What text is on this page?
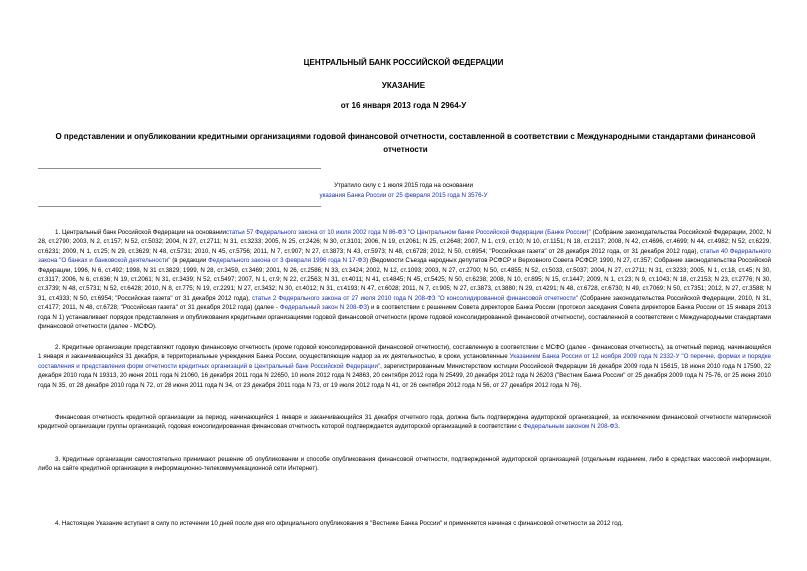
ЦЕНТРАЛЬНЫЙ БАНК РОССИЙСКОЙ ФЕДЕРАЦИИ
УКАЗАНИЕ
от 16 января 2013 года N 2964-У
О представлении и опубликовании кредитными организациями годовой финансовой отчетности, составленной в соответствии с Международными стандартами финансовой отчетности
Утратило силу с 1 июля 2015 года на основании
указания Банка России от 25 февраля 2015 года N 3576-У

1. Центральный банк Российской Федерации на основаниистатьи 57 Федерального закона от 10 июля 2002 года N 86-ФЗ "О Центральном банке Российской Федерации (Банке России)" (Собрание законодательства Российской Федерации, 2002, N 28, ст.2790; 2003, N 2, ст.157; N 52, ст.5032; 2004, N 27, ст.2711; N 31, ст.3233; 2005, N 25, ст.2426; N 30, ст.3101; 2006, N 19, ст.2061; N 25, ст.2648; 2007, N 1, ст.9, ст.10; N 10, ст.1151; N 18, ст.2117; 2008, N 42, ст.4696, ст.4699; N 44, ст.4982; N 52, ст.6229, ст.6231; 2009, N 1, ст.25; N 29, ст.3629; N 48, ст.5731; 2010, N 45, ст.5756; 2011, N 7, ст.907; N 27, ст.3873; N 43, ст.5973; N 48, ст.6728; 2012, N 50, ст.6954; "Российская газета" от 28 декабря 2012 года, от 31 декабря 2012 года), статьи 40 Федерального закона "О банках и банковской деятельности" (в редакции Федерального закона от 3 февраля 1996 года N 17-ФЗ) (Ведомости Съезда народных депутатов РСФСР и Верховного Совета РСФСР, 1990, N 27, ст.357; Собрание законодательства Российской Федерации, 1996, N 6, ст.492; 1998, N 31 ст.3829; 1999, N 28, ст.3459, ст.3469; 2001, N 26, ст.2586; N 33, ст.3424; 2002, N 12, ст.1093; 2003, N 27, ст.2700; N 50, ст.4855; N 52, ст.5033, ст.5037; 2004, N 27, ст.2711; N 31, ст.3233; 2005, N 1, ст.18, ст.45; N 30, ст.3117; 2006, N 6, ст.636; N 19, ст.2061; N 31, ст.3439; N 52, ст.5497; 2007, N 1, ст.9; N 22, ст.2563; N 31, ст.4011; N 41, ст.4845; N 45, ст.5425; N 50, ст.6238; 2008, N 10, ст.895; N 15, ст.1447; 2009, N 1, ст.23; N 9, ст.1043; N 18, ст.2153; N 23, ст.2776; N 30, ст.3739; N 48, ст.5731; N 52, ст.6428; 2010, N 8, ст.775; N 19, ст.2291; N 27, ст.3432; N 30, ст.4012; N 31, ст.4193; N 47, ст.6028; 2011, N 7, ст.905; N 27, ст.3873, ст.3880; N 29, ст.4291; N 48, ст.6728, ст.6730; N 49, ст.7069; N 50, ст.7351; 2012, N 27, ст.3588; N 31, ст.4333; N 50, ст.6954; "Российская газета" от 31 декабря 2012 года), статьи 2 Федерального закона от 27 июля 2010 года N 208-ФЗ "О консолидированной финансовой отчетности" (Собрание законодательства Российской Федерации, 2010, N 31, ст.4177; 2011, N 48, ст.6728; "Российская газета" от 31 декабря 2012 года) (далее - Федеральный закон N 208-ФЗ) и в соответствии с решением Совета директоров Банка России (протокол заседания Совета директоров Банка России от 15 января 2013 года N 1) устанавливает порядок представления и опубликования кредитными организациями годовой финансовой отчетности (кроме годовой консолидированной финансовой отчетности), составленной в соответствии с Международными стандартами финансовой отчетности (далее - МСФО).

2. Кредитные организации представляют годовую финансовую отчетность (кроме годовой консолидированной финансовой отчетности), составленную в соответствии с МСФО (далее - финансовая отчетность), за отчетный период, начинающийся 1 января и заканчивающийся 31 декабря, в территориальные учреждения Банка России, осуществляющие надзор за их деятельностью, в сроки, установленные Указанием Банка России от 12 ноября 2009 года N 2332-У "О перечне, формах и порядке составления и представления форм отчетности кредитных организаций в Центральный банк Российской Федерации", зарегистрированным Министерством юстиции Российской Федерации 16 декабря 2009 года N 15615, 18 июня 2010 года N 17590, 22 декабря 2010 года N 19313, 20 июня 2011 года N 21060, 16 декабря 2011 года N 22650, 10 июля 2012 года N 24863, 20 сентября 2012 года N 25499, 20 декабря 2012 года N 26203 ("Вестник Банка России" от 25 декабря 2009 года N 75-76, от 25 июня 2010 года N 35, от 28 декабря 2010 года N 72, от 28 июня 2011 года N 34, от 23 декабря 2011 года N 73, от 19 июля 2012 года N 41, от 26 сентября 2012 года N 56, от 27 декабря 2012 года N 76).

Финансовая отчетность кредитной организации за период, начинающийся 1 января и заканчивающийся 31 декабря отчетного года, должна быть подтверждена аудиторской организацией, за исключением финансовой отчетности материнской кредитной организации группы организаций, годовая консолидированная финансовая отчетность которой подтверждается аудиторской организацией в соответствии с Федеральным законом N 208-ФЗ.

3. Кредитные организации самостоятельно принимают решение об опубликовании и способе опубликования финансовой отчетности, подтвержденной аудиторской организацией (отдельным изданием, либо в средствах массовой информации, либо на сайте кредитной организации в информационно-телекоммуникационной сети Интернет).

4. Настоящее Указание вступает в силу по истечении 10 дней после дня его официального опубликования в "Вестнике Банка России" и применяется начиная с финансовой отчетности за 2012 год.
